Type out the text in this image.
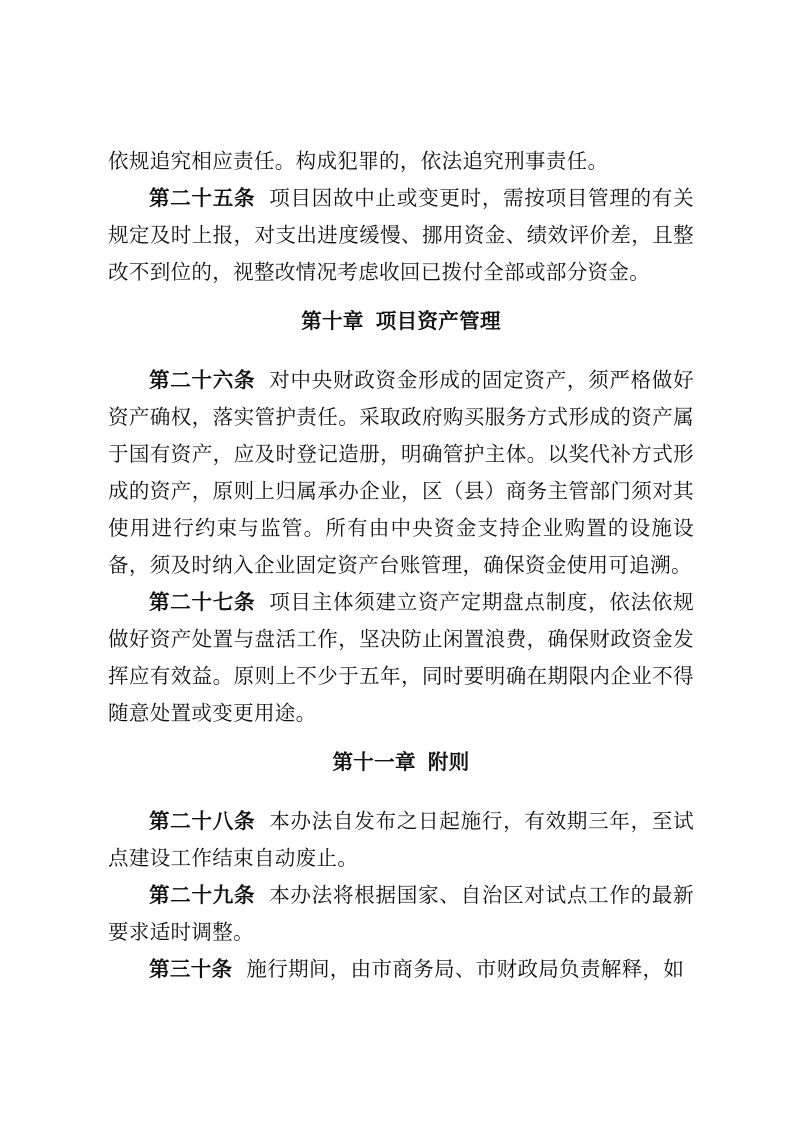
依规追究相应责任。构成犯罪的，依法追究刑事责任。

第二十五条 项目因故中止或变更时，需按项目管理的有关规定及时上报，对支出进度缓慢、挪用资金、绩效评价差，且整改不到位的，视整改情况考虑收回已拨付全部或部分资金。

第十章 项目资产管理

第二十六条 对中央财政资金形成的固定资产，须严格做好资产确权，落实管护责任。采取政府购买服务方式形成的资产属于国有资产，应及时登记造册，明确管护主体。以奖代补方式形成的资产，原则上归属承办企业，区（县）商务主管部门须对其使用进行约束与监管。所有由中央资金支持企业购置的设施设备，须及时纳入企业固定资产台账管理，确保资金使用可追溯。

第二十七条 项目主体须建立资产定期盘点制度，依法依规做好资产处置与盘活工作，坚决防止闲置浪费，确保财政资金发挥应有效益。原则上不少于五年，同时要明确在期限内企业不得随意处置或变更用途。

第十一章 附则

第二十八条 本办法自发布之日起施行，有效期三年，至试点建设工作结束自动废止。

第二十九条 本办法将根据国家、自治区对试点工作的最新要求适时调整。

第三十条 施行期间，由市商务局、市财政局负责解释，如
